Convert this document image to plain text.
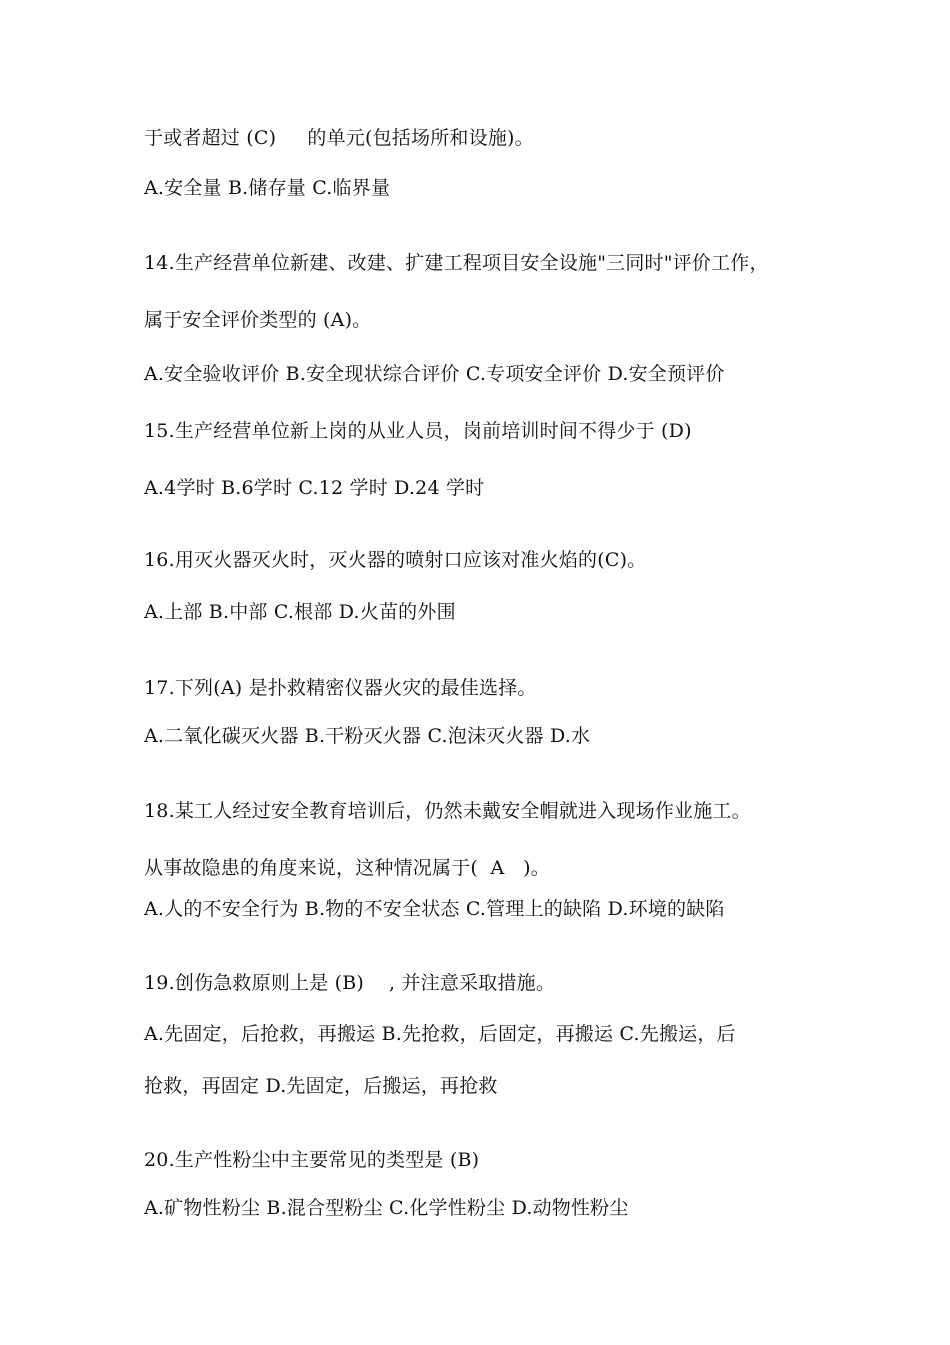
于或者超过 (C)     的单元(包括场所和设施)。
A.安全量 B.储存量 C.临界量
14.生产经营单位新建、改建、扩建工程项目安全设施"三同时"评价工作，
属于安全评价类型的 (A)。
A.安全验收评价 B.安全现状综合评价 C.专项安全评价 D.安全预评价
15.生产经营单位新上岗的从业人员，岗前培训时间不得少于 (D)
A.4学时 B.6学时 C.12 学时 D.24 学时
16.用灭火器灭火时，灭火器的喷射口应该对准火焰的(C)。
A.上部 B.中部 C.根部 D.火苗的外围
17.下列(A) 是扑救精密仪器火灾的最佳选择。
A.二氧化碳灭火器 B.干粉灭火器 C.泡沫灭火器 D.水
18.某工人经过安全教育培训后，仍然未戴安全帽就进入现场作业施工。
从事故隐患的角度来说，这种情况属于(  A   )。
A.人的不安全行为 B.物的不安全状态 C.管理上的缺陷 D.环境的缺陷
19.创伤急救原则上是 (B)    , 并注意采取措施。
A.先固定，后抢救，再搬运 B.先抢救，后固定，再搬运 C.先搬运，后
抢救，再固定 D.先固定，后搬运，再抢救
20.生产性粉尘中主要常见的类型是 (B)
A.矿物性粉尘 B.混合型粉尘 C.化学性粉尘 D.动物性粉尘
